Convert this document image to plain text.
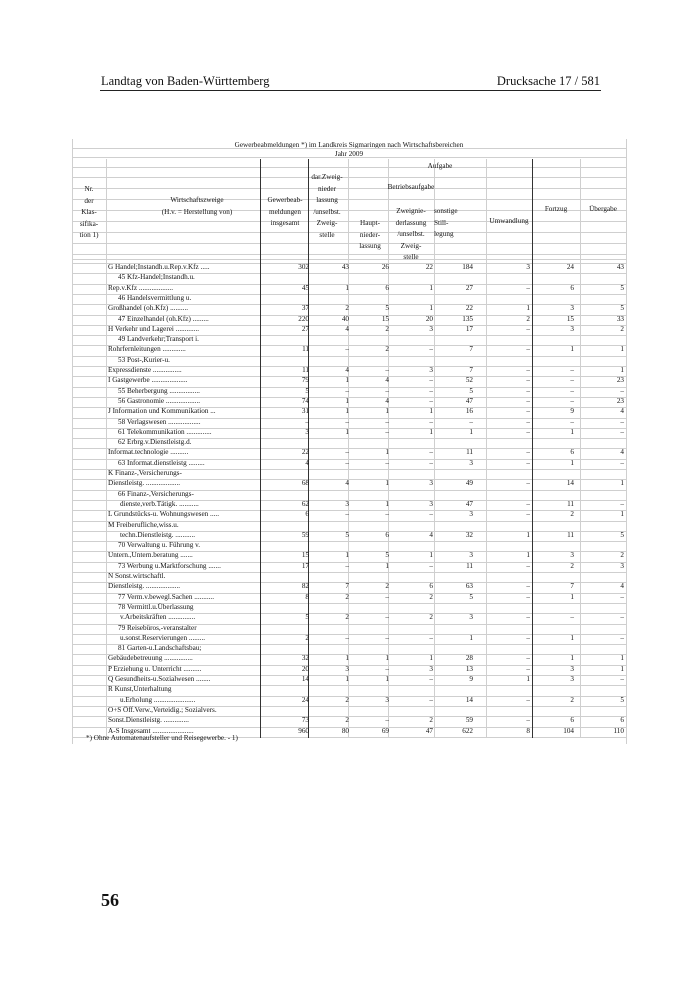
Landtag von Baden-Württemberg	Drucksache 17 / 581
Gewerbeabmeldungen *) im Landkreis Sigmaringen nach Wirtschaftsbereichen
Jahr 2009
Nr.
der
Klas-
sifika-
tion 1)
Wirtschaftszweige
(H.v. = Herstellung von)
Gewerbeab-
meldungen
insgesamt
dar.Zweig-
nieder
lassung
/unselbst.
Zweig-
stelle
Aufgabe
Betriebsaufgabe
Haupt-
nieder-
lassung
Zweignie-
derlassung
/unselbst.
Zweig-
stelle
sonstige
Still-
legung
Umwandlung
Fortzug	Übergabe
G Handel;Instandh.u.Rep.v.Kfz .....	302	43	26	22	184	3	24	43
45 Kfz-Handel;Instandh.u.
Rep.v.Kfz ...................	45	1	6	1	27	–	6	5
46 Handelsvermittlung u.
Großhandel (oh.Kfz) ..........	37	2	5	1	22	1	3	5
47 Einzelhandel (oh.Kfz) .........	220	40	15	20	135	2	15	33
H Verkehr und Lagerei .............	27	4	2	3	17	–	3	2
49 Landverkehr;Transport i.
Rohrfernleitungen .............	11	–	2	–	7	–	1	1
53 Post-,Kurier-u.
Expressdienste ................	11	4	–	3	7	–	–	1
I Gastgewerbe ....................	79	1	4	–	52	–	–	23
55 Beherbergung .................	5	–	–	–	5	–	–	–
56 Gastronomie ...................	74	1	4	–	47	–	–	23
J Information und Kommunikation ...	31	1	1	1	16	–	9	4
58 Verlagswesen ..................	–	–	–	–	–	–	–	–
61 Telekommunikation ..............	3	1	–	1	1	–	1	–
62 Erbrg.v.Dienstleistg.d.
Informat.technologie ..........	22	–	1	–	11	–	6	4
63 Informat.dienstleistg .........	4	–	–	–	3	–	1	–
K Finanz-,Versicherungs-
Dienstleistg. ...................	68	4	1	3	49	–	14	1
66 Finanz-,Versicherungs-
dienste,verb.Tätigk. ...........	62	3	1	3	47	–	11	–
L Grundstücks-u. Wohnungswesen .....	6	–	–	–	3	–	2	1
M Freiberufliche,wiss.u.
techn.Dienstleistg. ...........	59	5	6	4	32	1	11	5
70 Verwaltung u. Führung v.
Untern.,Untern.beratung .......	15	1	5	1	3	1	3	2
73 Werbung u.Marktforschung .......	17	–	1	–	11	–	2	3
N Sonst.wirtschaftl.
Dienstleistg. ...................	82	7	2	6	63	–	7	4
77 Verm.v.bewegl.Sachen ...........	8	2	–	2	5	–	1	–
78 Vermittl.u.Überlassung
v.Arbeitskräften ...............	5	2	–	2	3	–	–	–
79 Reisebüros,-veranstalter
u.sonst.Reservierungen .........	2	–	–	–	1	–	1	–
81 Garten-u.Landschaftsbau;
Gebäudebetreuung ................	32	1	1	1	28	–	1	1
P Erziehung u. Unterricht ..........	20	3	–	3	13	–	3	1
Q Gesundheits-u.Sozialwesen ........	14	1	1	–	9	1	3	–
R Kunst,Unterhaltung
u.Erholung .......................	24	2	3	–	14	–	2	5
O+S Öff.Verw.,Verteidig.; Sozialvers.
Sonst.Dienstleistg. ..............	73	2	–	2	59	–	6	6
A-S Insgesamt .......................	960	80	69	47	622	8	104	110
*) Ohne Automatenaufsteller und Reisegewerbe. - 1)
56
